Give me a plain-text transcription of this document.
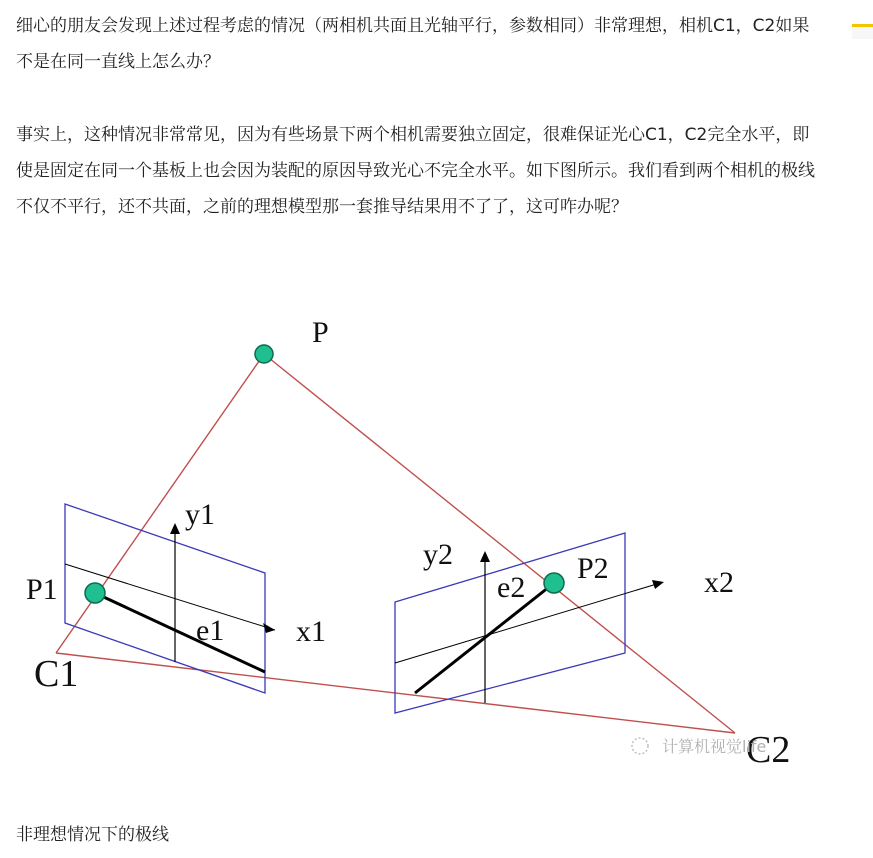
细心的朋友会发现上述过程考虑的情况（两相机共面且光轴平行，参数相同）非常理想，相机C1，C2如果不是在同一直线上怎么办？

事实上，这种情况非常常见，因为有些场景下两个相机需要独立固定，很难保证光心C1，C2完全水平，即使是固定在同一个基板上也会因为装配的原因导致光心不完全水平。如下图所示。我们看到两个相机的极线不仅不平行，还不共面，之前的理想模型那一套推导结果用不了了，这可咋办呢？

P
P1
C1
y1
x1
e1
y2
e2
P2	x2
C2
计算机视觉life
非理想情况下的极线
